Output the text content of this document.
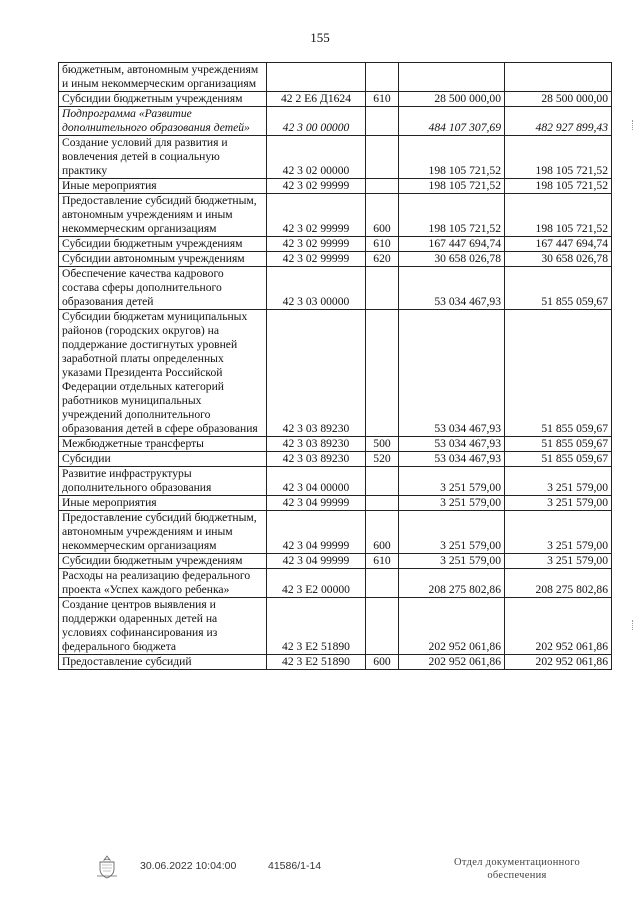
155
бюджетным, автономным учреждениям и иным некоммерческим организациям				
Субсидии бюджетным учреждениям	42 2 E6 Д1624	610	28 500 000,00	28 500 000,00
Подпрограмма «Развитие дополнительного образования детей»	42 3 00 00000		484 107 307,69	482 927 899,43
Создание условий для развития и вовлечения детей в социальную практику	42 3 02 00000		198 105 721,52	198 105 721,52
Иные мероприятия	42 3 02 99999		198 105 721,52	198 105 721,52
Предоставление субсидий бюджетным, автономным учреждениям и иным некоммерческим организациям	42 3 02 99999	600	198 105 721,52	198 105 721,52
Субсидии бюджетным учреждениям	42 3 02 99999	610	167 447 694,74	167 447 694,74
Субсидии автономным учреждениям	42 3 02 99999	620	30 658 026,78	30 658 026,78
Обеспечение качества кадрового состава сферы дополнительного образования детей	42 3 03 00000		53 034 467,93	51 855 059,67
Субсидии бюджетам муниципальных районов (городских округов) на поддержание достигнутых уровней заработной платы определенных указами Президента Российской Федерации отдельных категорий работников муниципальных учреждений дополнительного образования детей в сфере образования	42 3 03 89230		53 034 467,93	51 855 059,67
Межбюджетные трансферты	42 3 03 89230	500	53 034 467,93	51 855 059,67
Субсидии	42 3 03 89230	520	53 034 467,93	51 855 059,67
Развитие инфраструктуры дополнительного образования	42 3 04 00000		3 251 579,00	3 251 579,00
Иные мероприятия	42 3 04 99999		3 251 579,00	3 251 579,00
Предоставление субсидий бюджетным, автономным учреждениям и иным некоммерческим организациям	42 3 04 99999	600	3 251 579,00	3 251 579,00
Субсидии бюджетным учреждениям	42 3 04 99999	610	3 251 579,00	3 251 579,00
Расходы на реализацию федерального проекта «Успех каждого ребенка»	42 3 E2 00000		208 275 802,86	208 275 802,86
Создание центров выявления и поддержки одаренных детей на условиях софинансирования из федерального бюджета	42 3 E2 51890		202 952 061,86	202 952 061,86
Предоставление субсидий	42 3 E2 51890	600	202 952 061,86	202 952 061,86
30.06.2022 10:04:00	41586/1-14	Отдел документационного обеспечения
